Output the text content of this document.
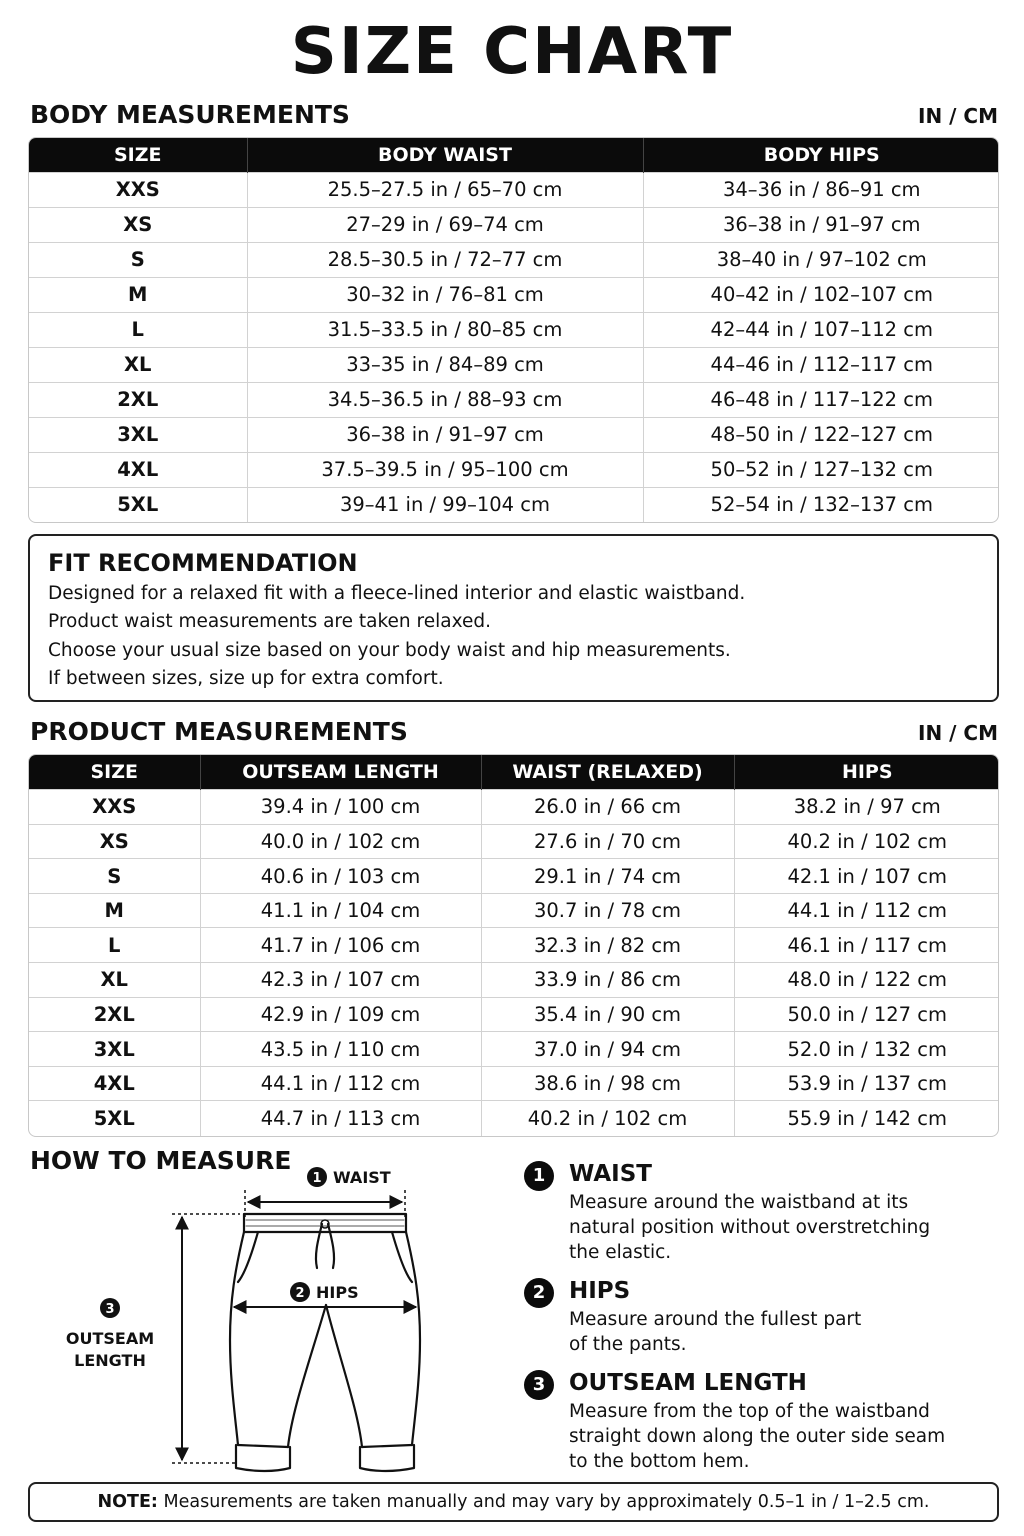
SIZE CHART
BODY MEASUREMENTS	IN / CM
SIZE	BODY WAIST	BODY HIPS
XXS	25.5–27.5 in / 65–70 cm	34–36 in / 86–91 cm
XS	27–29 in / 69–74 cm	36–38 in / 91–97 cm
S	28.5–30.5 in / 72–77 cm	38–40 in / 97–102 cm
M	30–32 in / 76–81 cm	40–42 in / 102–107 cm
L	31.5–33.5 in / 80–85 cm	42–44 in / 107–112 cm
XL	33–35 in / 84–89 cm	44–46 in / 112–117 cm
2XL	34.5–36.5 in / 88–93 cm	46–48 in / 117–122 cm
3XL	36–38 in / 91–97 cm	48–50 in / 122–127 cm
4XL	37.5–39.5 in / 95–100 cm	50–52 in / 127–132 cm
5XL	39–41 in / 99–104 cm	52–54 in / 132–137 cm
FIT RECOMMENDATION

Designed for a relaxed fit with a fleece-lined interior and elastic waistband.

Product waist measurements are taken relaxed.

Choose your usual size based on your body waist and hip measurements.

If between sizes, size up for extra comfort.

PRODUCT MEASUREMENTS	IN / CM
SIZE	OUTSEAM LENGTH	WAIST (RELAXED)	HIPS
XXS	39.4 in / 100 cm	26.0 in / 66 cm	38.2 in / 97 cm
XS	40.0 in / 102 cm	27.6 in / 70 cm	40.2 in / 102 cm
S	40.6 in / 103 cm	29.1 in / 74 cm	42.1 in / 107 cm
M	41.1 in / 104 cm	30.7 in / 78 cm	44.1 in / 112 cm
L	41.7 in / 106 cm	32.3 in / 82 cm	46.1 in / 117 cm
XL	42.3 in / 107 cm	33.9 in / 86 cm	48.0 in / 122 cm
2XL	42.9 in / 109 cm	35.4 in / 90 cm	50.0 in / 127 cm
3XL	43.5 in / 110 cm	37.0 in / 94 cm	52.0 in / 132 cm
4XL	44.1 in / 112 cm	38.6 in / 98 cm	53.9 in / 137 cm
5XL	44.7 in / 113 cm	40.2 in / 102 cm	55.9 in / 142 cm
HOW TO MEASURE
1 WAIST
3
OUTSEAM
LENGTH
2 HIPS
1	WAIST

Measure around the waistband at its

natural position without overstretching

the elastic.

2	HIPS

Measure around the fullest part

of the pants.

3	OUTSEAM LENGTH

Measure from the top of the waistband

straight down along the outer side seam

to the bottom hem.

NOTE: Measurements are taken manually and may vary by approximately 0.5–1 in / 1–2.5 cm.
